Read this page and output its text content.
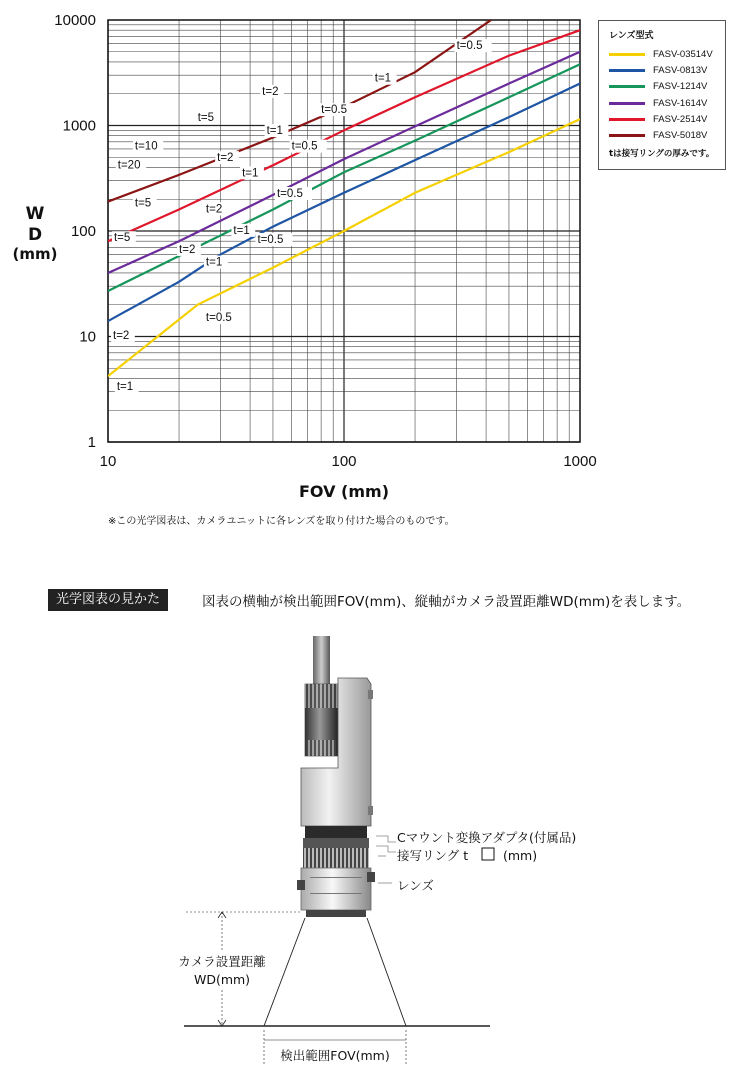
t=0.5
t=1
t=2
t=0.5
t=5
t=1
t=10
t=2
t=0.5
t=20
t=1
t=5	t=2
t=0.5
t=5
t=1
t=2
t=0.5
t=1
t=0.5
t=2
t=1
10	100	1000
1
10
100
1000
10000
FOV (mm)
W
D
(mm)
レンズ型式
FASV-03514V
FASV-0813V
FASV-1214V
FASV-1614V
FASV-2514V
FASV-5018V
tは接写リングの厚みです。
※この光学図表は、カメラユニットに各レンズを取り付けた場合のものです。
光学図表の見かた	図表の横軸が検出範囲FOV(mm)、縦軸がカメラ設置距離WD(mm)を表します。
Cマウント変換アダプタ(付属品)
接写リング t	(mm)
レンズ
カメラ設置距離
WD(mm)
検出範囲FOV(mm)
